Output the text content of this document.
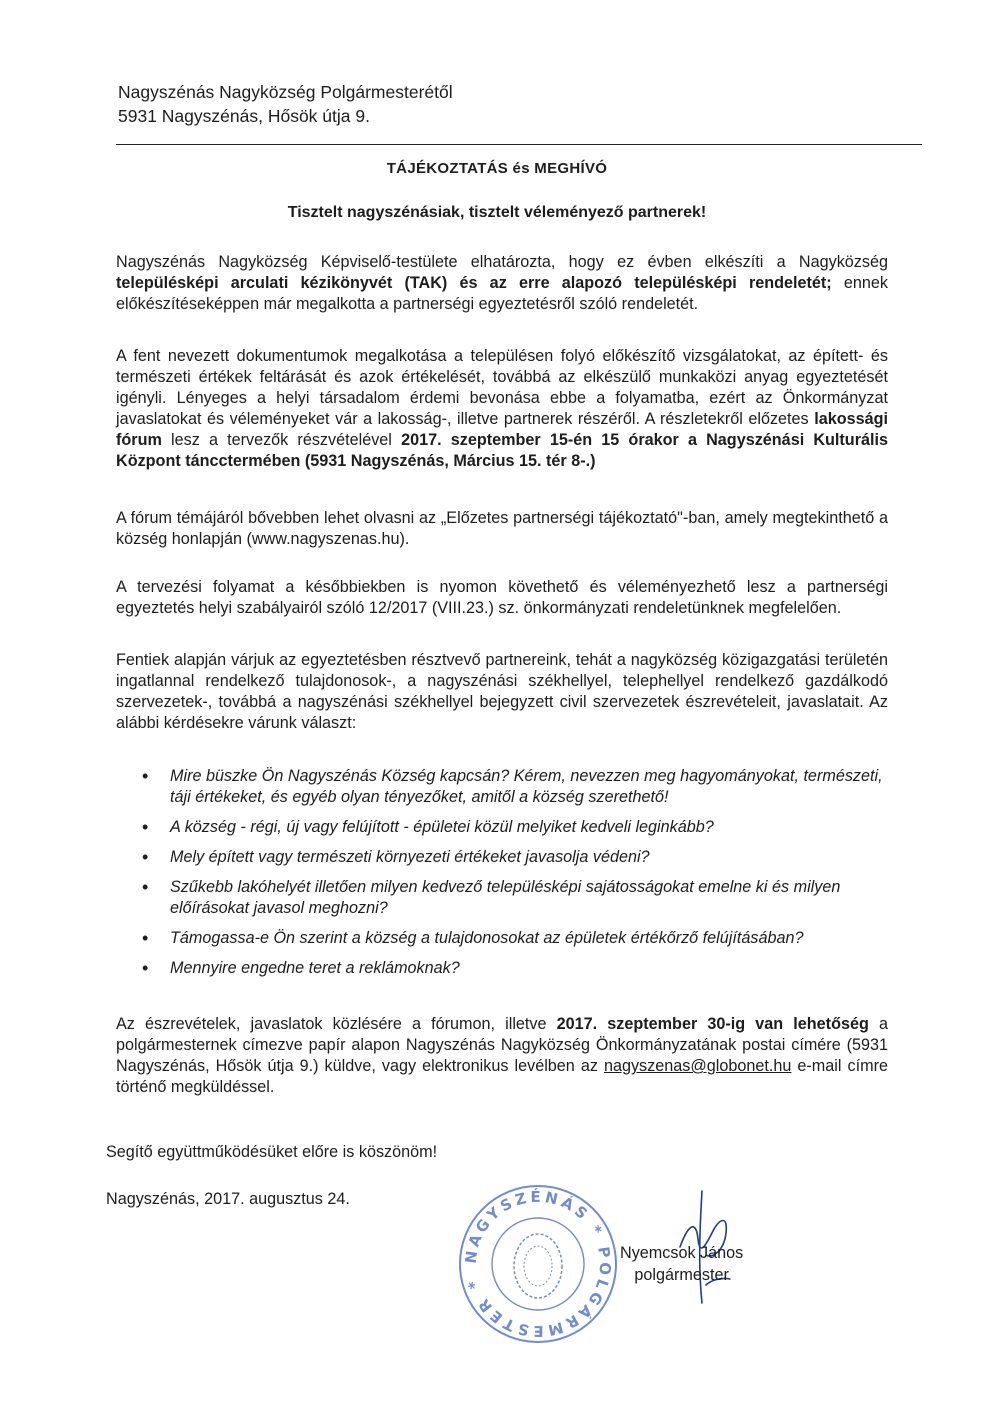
Nagyszénás Nagyközség Polgármesterétől
5931 Nagyszénás, Hősök útja 9.
TÁJÉKOZTATÁS és MEGHÍVÓ
Tisztelt nagyszénásiak, tisztelt véleményező partnerek!
Nagyszénás Nagyközség Képviselő-testülete elhatározta, hogy ez évben elkészíti a Nagyközség településképi arculati kézikönyvét (TAK) és az erre alapozó településképi rendeletét; ennek előkészítéseképpen már megalkotta a partnerségi egyeztetésről szóló rendeletét.
A fent nevezett dokumentumok megalkotása a településen folyó előkészítő vizsgálatokat, az épített- és természeti értékek feltárását és azok értékelését, továbbá az elkészülő munkaközi anyag egyeztetését igényli. Lényeges a helyi társadalom érdemi bevonása ebbe a folyamatba, ezért az Önkormányzat javaslatokat és véleményeket vár a lakosság-, illetve partnerek részéről. A részletekről előzetes lakossági fórum lesz a tervezők részvételével 2017. szeptember 15-én 15 órakor a Nagyszénási Kulturális Központ táncctermében (5931 Nagyszénás, Március 15. tér 8-.)
A fórum témájáról bővebben lehet olvasni az „Előzetes partnerségi tájékoztató"-ban, amely megtekinthető a község honlapján (www.nagyszenas.hu).
A tervezési folyamat a későbbiekben is nyomon követhető és véleményezhető lesz a partnerségi egyeztetés helyi szabályairól szóló 12/2017 (VIII.23.) sz. önkormányzati rendeletünknek megfelelően.
Fentiek alapján várjuk az egyeztetésben résztvevő partnereink, tehát a nagyközség közigazgatási területén ingatlannal rendelkező tulajdonosok-, a nagyszénási székhellyel, telephellyel rendelkező gazdálkodó szervezetek-, továbbá a nagyszénási székhellyel bejegyzett civil szervezetek észrevételeit, javaslatait. Az alábbi kérdésekre várunk választ:
• Mire büszke Ön Nagyszénás Község kapcsán? Kérem, nevezzen meg hagyományokat, természeti, táji értékeket, és egyéb olyan tényezőket, amitől a község szerethető!
• A község - régi, új vagy felújított - épületei közül melyiket kedveli leginkább?
• Mely épített vagy természeti környezeti értékeket javasolja védeni?
• Szűkebb lakóhelyét illetően milyen kedvező településképi sajátosságokat emelne ki és milyen előírásokat javasol meghozni?
• Támogassa-e Ön szerint a község a tulajdonosokat az épületek értékőrző felújításában?
• Mennyire engedne teret a reklámoknak?
Az észrevételek, javaslatok közlésére a fórumon, illetve 2017. szeptember 30-ig van lehetőség a polgármesternek címezve papír alapon Nagyszénás Nagyközség Önkormányzatának postai címére (5931 Nagyszénás, Hősök útja 9.) küldve, vagy elektronikus levélben az nagyszenas@globonet.hu e-mail címre történő megküldéssel.
Segítő együttműködésüket előre is köszönöm!
Nagyszénás, 2017. augusztus 24.
NAGYSZÉNÁS * POLGÁRMESTER *
Nyemcsok János
polgármester
